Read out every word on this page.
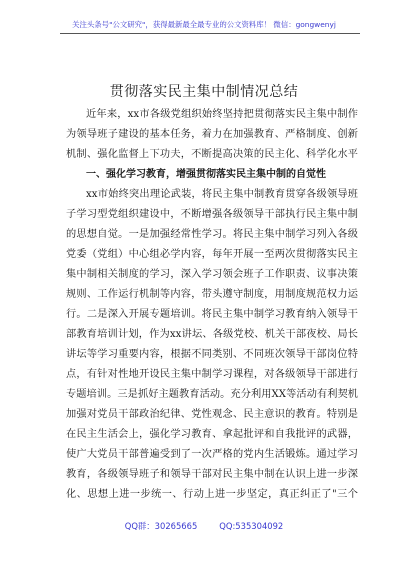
关注头条号"公文研究"，获得最新最全最专业的公文资料库！ 微信：gongwenyj
贯彻落实民主集中制情况总结
近年来，xx市各级党组织始终坚持把贯彻落实民主集中制作
为领导班子建设的基本任务，着力在加强教育、严格制度、创新
机制、强化监督上下功夫，不断提高决策的民主化、科学化水平
一、强化学习教育，增强贯彻落实民主集中制的自觉性
xx市始终突出理论武装，将民主集中制教育贯穿各级领导班
子学习型党组织建设中，不断增强各级领导干部执行民主集中制
的思想自觉。一是加强经常性学习。将民主集中制学习列入各级
党委（党组）中心组必学内容，每年开展一至两次贯彻落实民主
集中制相关制度的学习，深入学习领会班子工作职责、议事决策
规则、工作运行机制等内容，带头遵守制度，用制度规范权力运
行。二是深入开展专题培训。将民主集中制学习教育纳入领导干
部教育培训计划，作为xx讲坛、各级党校、机关干部夜校、局长
讲坛等学习重要内容，根据不同类别、不同班次领导干部岗位特
点，有针对性地开设民主集中制学习课程，对各级领导干部进行
专题培训。三是抓好主题教育活动。充分利用XX等活动有利契机
加强对党员干部政治纪律、党性观念、民主意识的教育。特别是
在民主生活会上，强化学习教育、拿起批评和自我批评的武器，
使广大党员干部普遍受到了一次严格的党内生活锻炼。通过学习
教育，各级领导班子和领导干部对民主集中制在认识上进一步深
化、思想上进一步统一、行动上进一步坚定，真正纠正了"三个
QQ群：30265665	QQ:535304092
